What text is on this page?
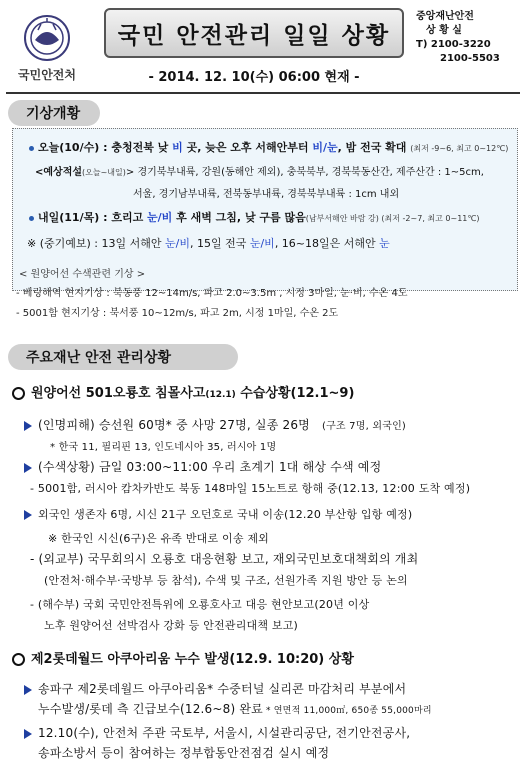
국민안전처
국민 안전관리 일일 상황
- 2014. 12. 10(수) 06:00 현재 -
중앙재난안전
상 황 실
T) 2100-3220
2100-5503
기상개황
오늘(10/수) : 충청전북 낮 비 곳, 늦은 오후 서해안부터 비/눈, 밤 전국 확대 (최저 -9~6, 최고 0~12℃)
<예상적설(오늘~내일)> 경기북부내륙, 강원(동해안 제외), 충북북부, 경북북동산간, 제주산간 : 1~5cm,
서울, 경기남부내륙, 전북동부내륙, 경북북부내륙 : 1cm 내외
내일(11/목) : 흐리고 눈/비 후 새벽 그침, 낮 구름 많음(남부서해안 바람 강) (최저 -2~7, 최고 0~11℃)
※ (중기예보) : 13일 서해안 눈/비, 15일 전국 눈/비, 16~18일은 서해안 눈
< 원양어선 수색관련 기상 >
- 베링해역 현지기상 : 북동풍 12~14m/s, 파고 2.0~3.5m , 시정 3마일, 눈·비, 수온 4도
- 5001함 현지기상 : 북서풍 10~12m/s, 파고 2m, 시정 1마일, 수온 2도
주요재난 안전 관리상황
원양어선 501오룡호 침몰사고(12.1) 수습상황(12.1~9)
(인명피해) 승선원 60명* 중 사망 27명, 실종 26명 (구조 7명, 외국인)
* 한국 11, 필리핀 13, 인도네시아 35, 러시아 1명
(수색상황) 금일 03:00~11:00 우리 초계기 1대 해상 수색 예정
- 5001함, 러시아 캄차카반도 북동 148마일 15노트로 항해 중(12.13, 12:00 도착 예정)
외국인 생존자 6명, 시신 21구 오던호로 국내 이송(12.20 부산항 입항 예정)
※ 한국인 시신(6구)은 유족 반대로 이송 제외
- (외교부) 국무회의시 오룡호 대응현황 보고, 재외국민보호대책회의 개최
(안전처·해수부·국방부 등 참석), 수색 및 구조, 선원가족 지원 방안 등 논의
- (해수부) 국회 국민안전특위에 오룡호사고 대응 현안보고(20년 이상
노후 원양어선 선박검사 강화 등 안전관리대책 보고)
제2롯데월드 아쿠아리움 누수 발생(12.9. 10:20) 상황
송파구 제2롯데월드 아쿠아리움* 수중터널 실리콘 마감처리 부분에서
누수발생/롯데 측 긴급보수(12.6~8) 완료 * 연면적 11,000㎡, 650종 55,000마리
12.10(수), 안전처 주관 국토부, 서울시, 시설관리공단, 전기안전공사,
송파소방서 등이 참여하는 정부합동안전점검 실시 예정
